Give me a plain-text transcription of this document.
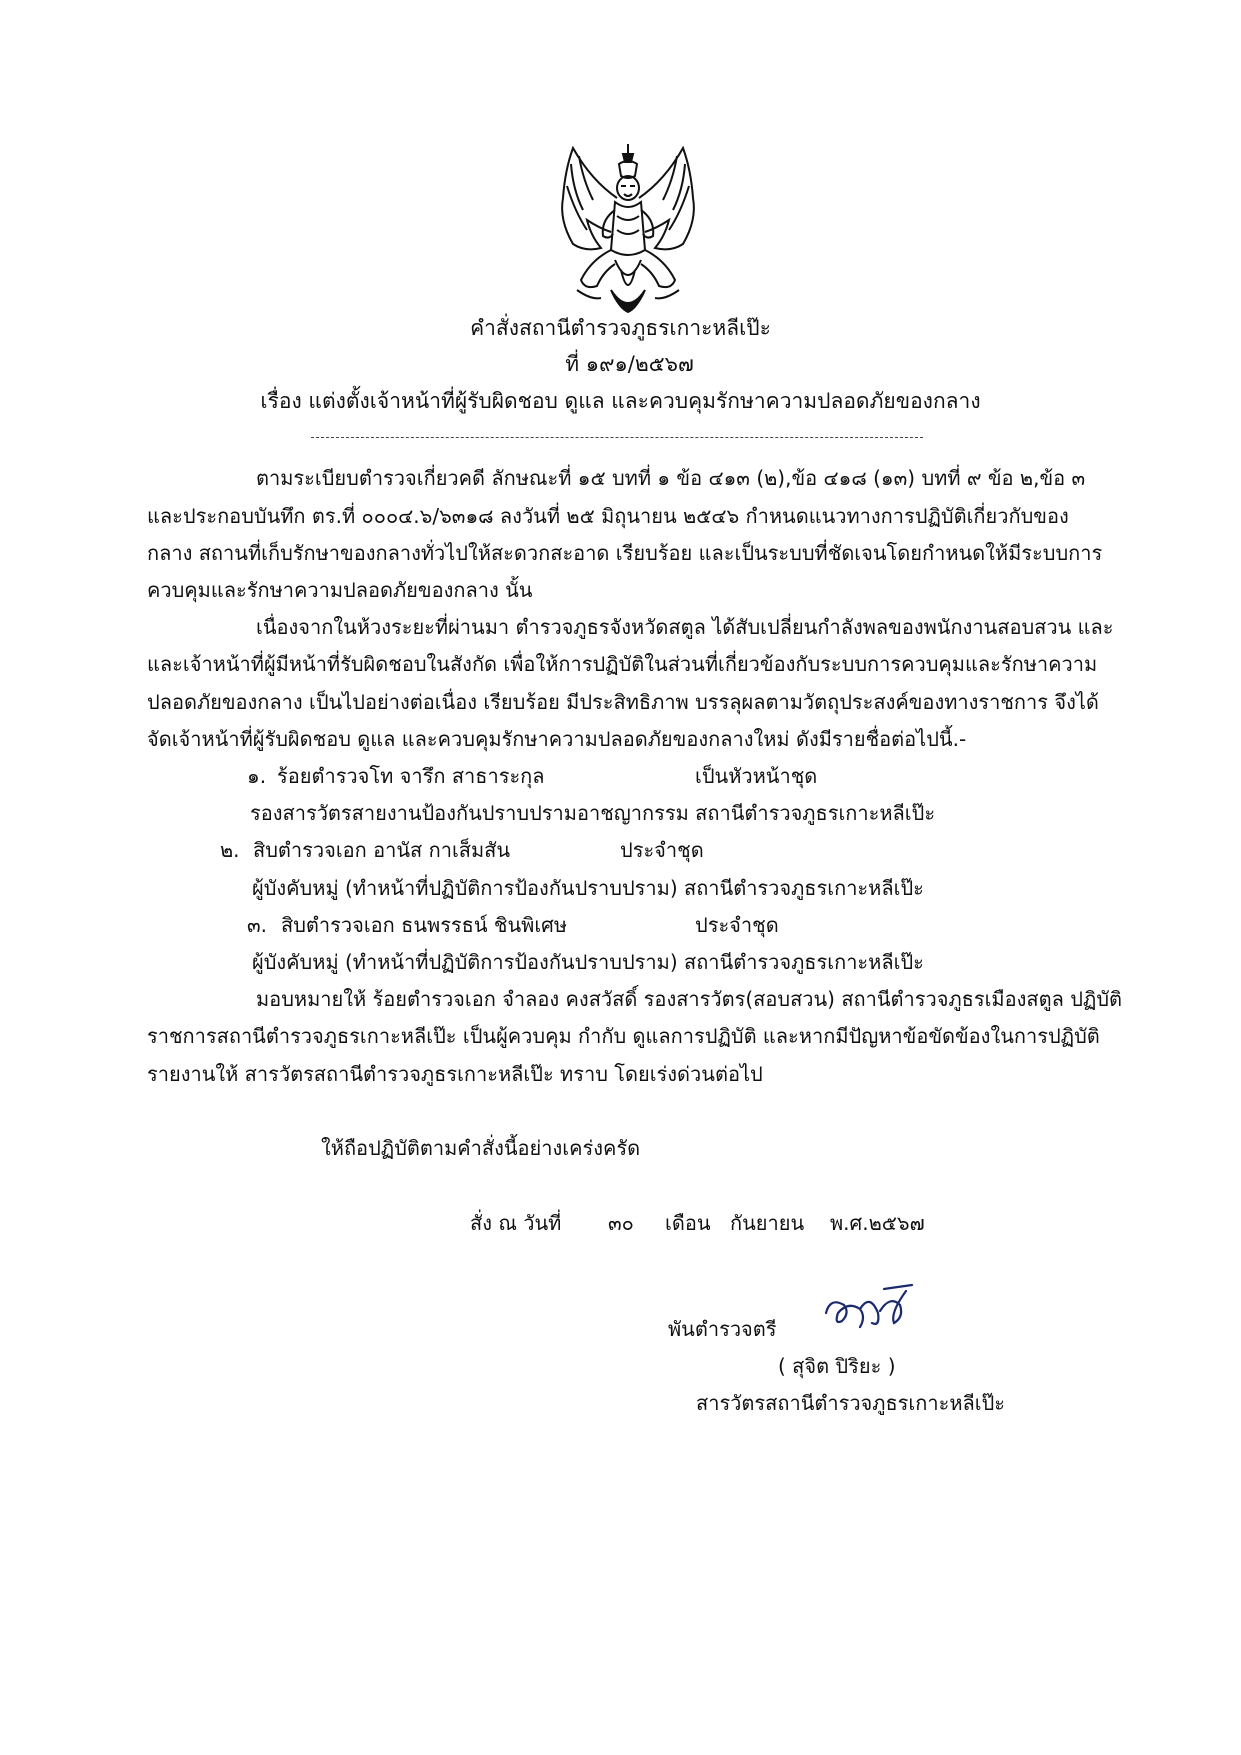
คำสั่งสถานีตำรวจภูธรเกาะหลีเป๊ะ
ที่ ๑๙๑/๒๕๖๗
เรื่อง แต่งตั้งเจ้าหน้าที่ผู้รับผิดชอบ ดูแล และควบคุมรักษาความปลอดภัยของกลาง
ตามระเบียบตำรวจเกี่ยวคดี ลักษณะที่ ๑๕ บทที่ ๑ ข้อ ๔๑๓ (๒),ข้อ ๔๑๘ (๑๓) บทที่ ๙ ข้อ ๒,ข้อ ๓
และประกอบบันทึก ตร.ที่ ๐๐๐๔.๖/๖๓๑๘ ลงวันที่ ๒๕ มิถุนายน ๒๕๔๖ กำหนดแนวทางการปฏิบัติเกี่ยวกับของ
กลาง สถานที่เก็บรักษาของกลางทั่วไปให้สะดวกสะอาด เรียบร้อย และเป็นระบบที่ชัดเจนโดยกำหนดให้มีระบบการ
ควบคุมและรักษาความปลอดภัยของกลาง นั้น
เนื่องจากในห้วงระยะที่ผ่านมา ตำรวจภูธรจังหวัดสตูล ได้สับเปลี่ยนกำลังพลของพนักงานสอบสวน และ
และเจ้าหน้าที่ผู้มีหน้าที่รับผิดชอบในสังกัด เพื่อให้การปฏิบัติในส่วนที่เกี่ยวข้องกับระบบการควบคุมและรักษาความ
ปลอดภัยของกลาง เป็นไปอย่างต่อเนื่อง เรียบร้อย มีประสิทธิภาพ บรรลุผลตามวัตถุประสงค์ของทางราชการ จึงได้
จัดเจ้าหน้าที่ผู้รับผิดชอบ ดูแล และควบคุมรักษาความปลอดภัยของกลางใหม่ ดังมีรายชื่อต่อไปนี้.-
๑. ร้อยตำรวจโท จารึก สาธาระกุล	เป็นหัวหน้าชุด
รองสารวัตรสายงานป้องกันปราบปรามอาชญากรรม สถานีตำรวจภูธรเกาะหลีเป๊ะ
๒. สิบตำรวจเอก อานัส กาเส็มสัน	ประจำชุด
ผู้บังคับหมู่ (ทำหน้าที่ปฏิบัติการป้องกันปราบปราม) สถานีตำรวจภูธรเกาะหลีเป๊ะ
๓. สิบตำรวจเอก ธนพรรธน์ ชินพิเศษ	ประจำชุด
ผู้บังคับหมู่ (ทำหน้าที่ปฏิบัติการป้องกันปราบปราม) สถานีตำรวจภูธรเกาะหลีเป๊ะ
มอบหมายให้ ร้อยตำรวจเอก จำลอง คงสวัสดิ์ รองสารวัตร(สอบสวน) สถานีตำรวจภูธรเมืองสตูล ปฏิบัติ
ราชการสถานีตำรวจภูธรเกาะหลีเป๊ะ เป็นผู้ควบคุม กำกับ ดูแลการปฏิบัติ และหากมีปัญหาข้อขัดข้องในการปฏิบัติ
รายงานให้ สารวัตรสถานีตำรวจภูธรเกาะหลีเป๊ะ ทราบ โดยเร่งด่วนต่อไป
ให้ถือปฏิบัติตามคำสั่งนี้อย่างเคร่งครัด
สั่ง ณ วันที่ ๓๐ เดือน กันยายน พ.ศ.๒๕๖๗
พันตำรวจตรี
( สุจิต ปิริยะ )
สารวัตรสถานีตำรวจภูธรเกาะหลีเป๊ะ
